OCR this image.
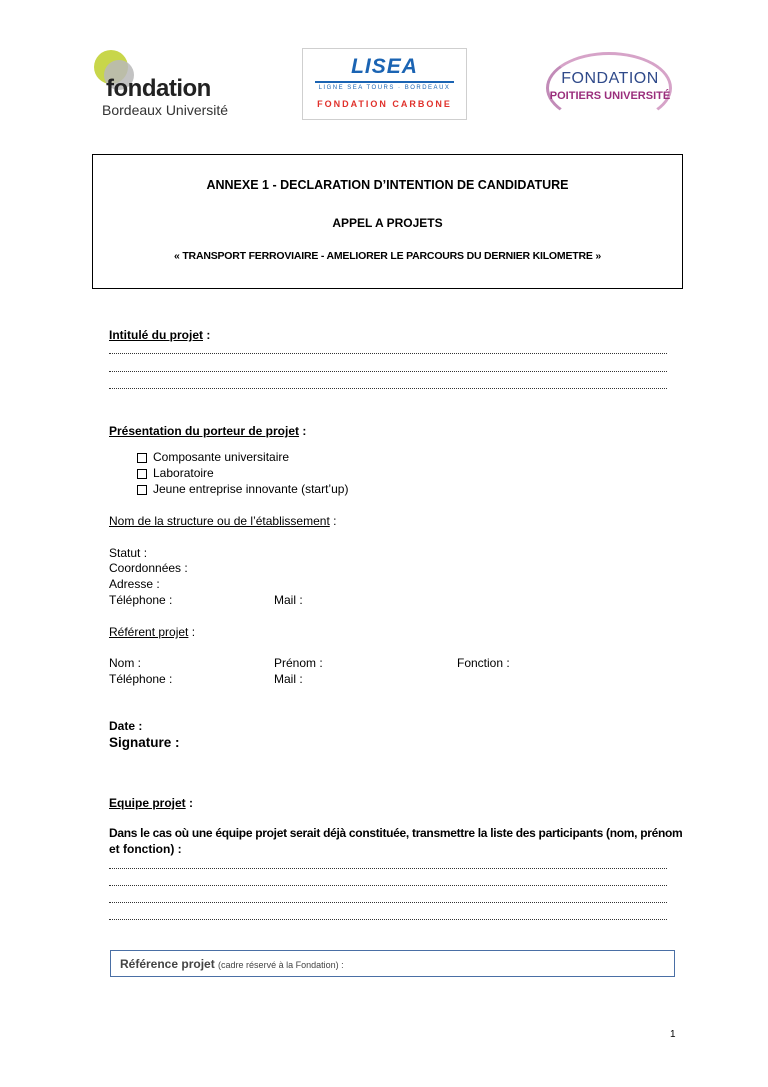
fondation
Bordeaux Université
LISEA
LIGNE SEA TOURS · BORDEAUX
FONDATION CARBONE
FONDATION
POITIERS UNIVERSITÉ
ANNEXE 1 - DECLARATION D’INTENTION DE CANDIDATURE
APPEL A PROJETS
« TRANSPORT FERROVIAIRE - AMELIORER LE PARCOURS DU DERNIER KILOMETRE »
Intitulé du projet :
Présentation du porteur de projet :
Composante universitaire
Laboratoire
Jeune entreprise innovante (start’up)
Nom de la structure ou de l’établissement :
Statut :
Coordonnées :
Adresse :
Téléphone :	Mail :
Référent projet :
Nom :	Prénom :	Fonction :
Téléphone :	Mail :
Date :
Signature :
Equipe projet :
Dans le cas où une équipe projet serait déjà constituée, transmettre la liste des participants (nom, prénom
et fonction) :
Référence projet (cadre réservé à la Fondation) :
1
